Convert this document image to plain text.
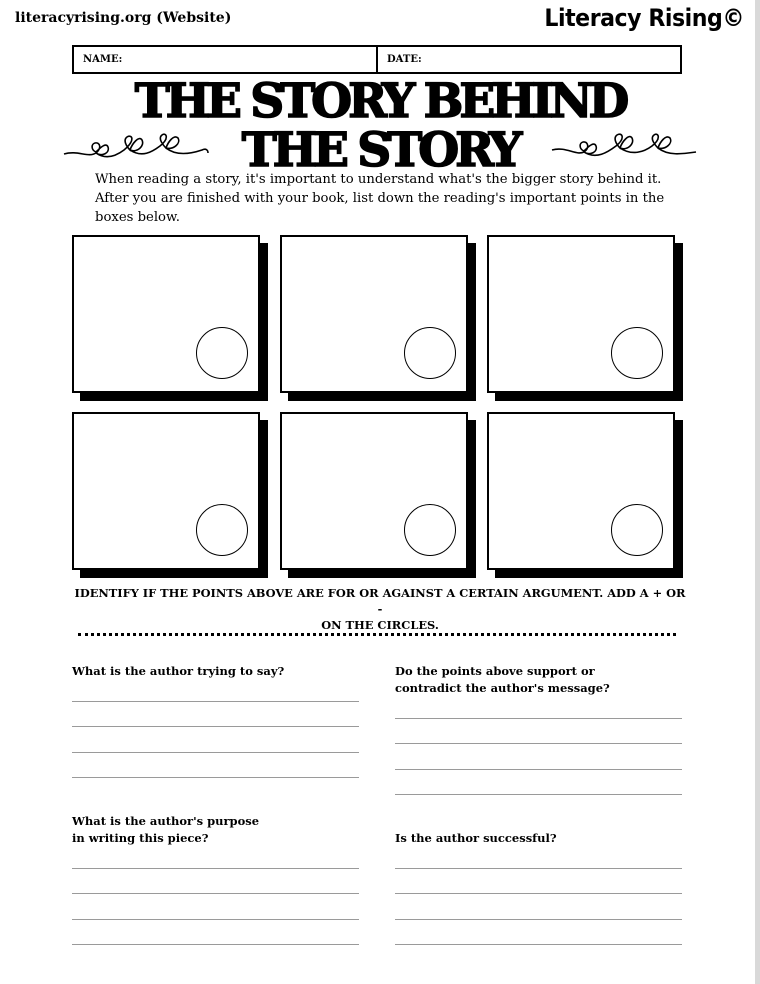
literacyrising.org (Website)	Literacy Rising©
NAME:	DATE:
THE STORY BEHIND
THE STORY
When reading a story, it's important to understand what's the bigger story behind it. After you are finished with your book, list down the reading's important points in the boxes below.
IDENTIFY IF THE POINTS ABOVE ARE FOR OR AGAINST A CERTAIN ARGUMENT. ADD A + OR
-
ON THE CIRCLES.
What is the author trying to say?	Do the points above support or
contradict the author's message?
What is the author's purpose
in writing this piece?	Is the author successful?
